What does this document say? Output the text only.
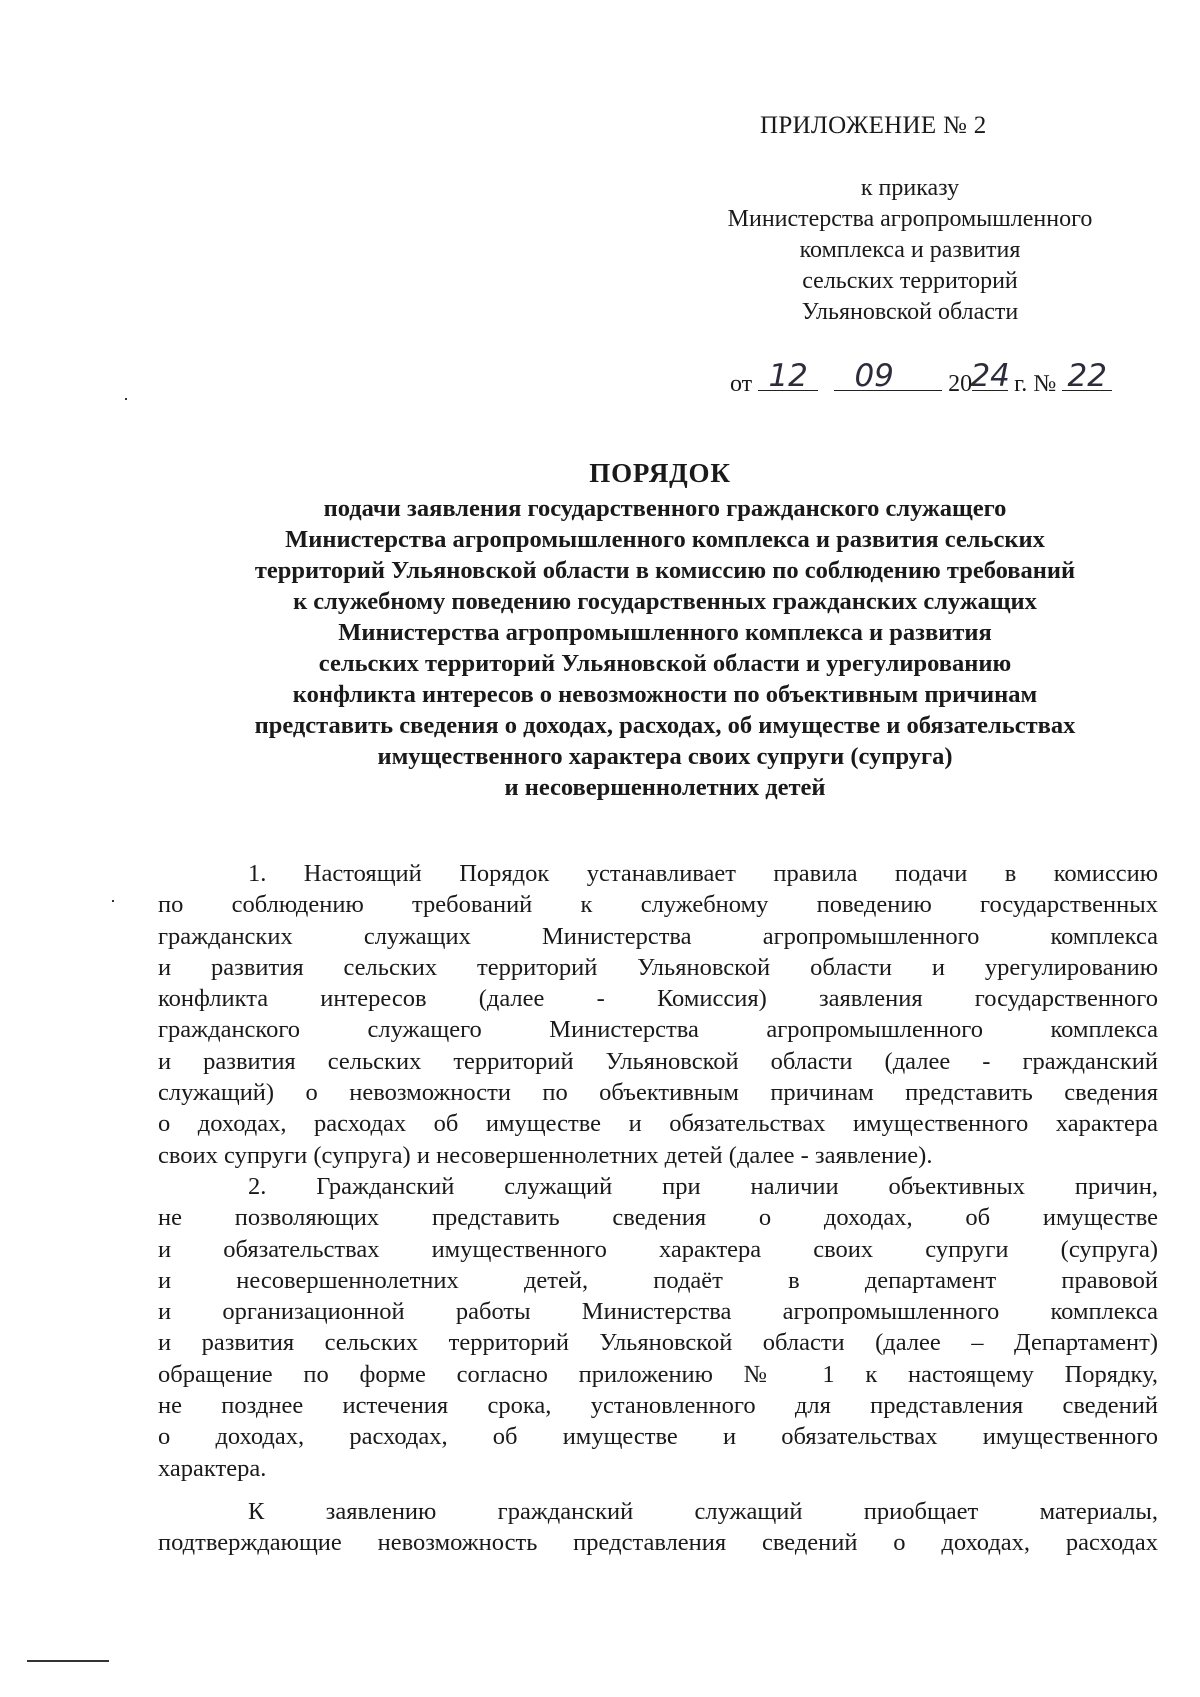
ПРИЛОЖЕНИЕ № 2
к приказу
Министерства агропромышленного
комплекса и развития
сельских территорий
Ульяновской области
от 12
	09	20
24 г. № 22
ПОРЯДОК
подачи заявления государственного гражданского служащего
Министерства агропромышленного комплекса и развития сельских
территорий Ульяновской области в комиссию по соблюдению требований
к служебному поведению государственных гражданских служащих
Министерства агропромышленного комплекса и развития
сельских территорий Ульяновской области и урегулированию
конфликта интересов о невозможности по объективным причинам
представить сведения о доходах, расходах, об имуществе и обязательствах
имущественного характера своих супруги (супруга)
и несовершеннолетних детей
1. Настоящий Порядок устанавливает правила подачи в комиссию
по соблюдению требований к служебному поведению государственных
гражданских служащих Министерства агропромышленного комплекса
и развития сельских территорий Ульяновской области и урегулированию
конфликта интересов (далее - Комиссия) заявления государственного
гражданского служащего Министерства агропромышленного комплекса
и развития сельских территорий Ульяновской области (далее - гражданский
служащий) о невозможности по объективным причинам представить сведения
о доходах, расходах об имуществе и обязательствах имущественного характера
своих супруги (супруга) и несовершеннолетних детей (далее - заявление).
2. Гражданский служащий при наличии объективных причин,
не позволяющих представить сведения о доходах, об имуществе
и обязательствах имущественного характера своих супруги (супруга)
и несовершеннолетних детей, подаёт в департамент правовой
и организационной работы Министерства агропромышленного комплекса
и развития сельских территорий Ульяновской области (далее – Департамент)
обращение по форме согласно приложению № 1 к настоящему Порядку,
не позднее истечения срока, установленного для представления сведений
о доходах, расходах, об имуществе и обязательствах имущественного
характера.
К заявлению гражданский служащий приобщает материалы,
подтверждающие невозможность представления сведений о доходах, расходах
